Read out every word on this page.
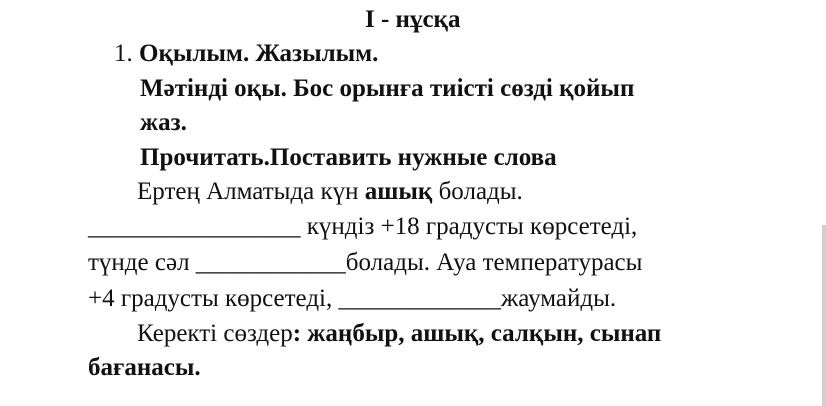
І - нұсқа
1. Оқылым. Жазылым.
Мәтінді оқы. Бос орынға тиісті сөзді қойып
жаз.
Прочитать.Поставить нужные слова
Ертең Алматыда күн ашық болады.
_________________ күндіз +18 градусты көрсетеді,
түнде сәл ____________болады. Ауа температурасы
+4 градусты көрсетеді, _____________жаумайды.
Керекті сөздер: жаңбыр, ашық, салқын, сынап
бағанасы.
